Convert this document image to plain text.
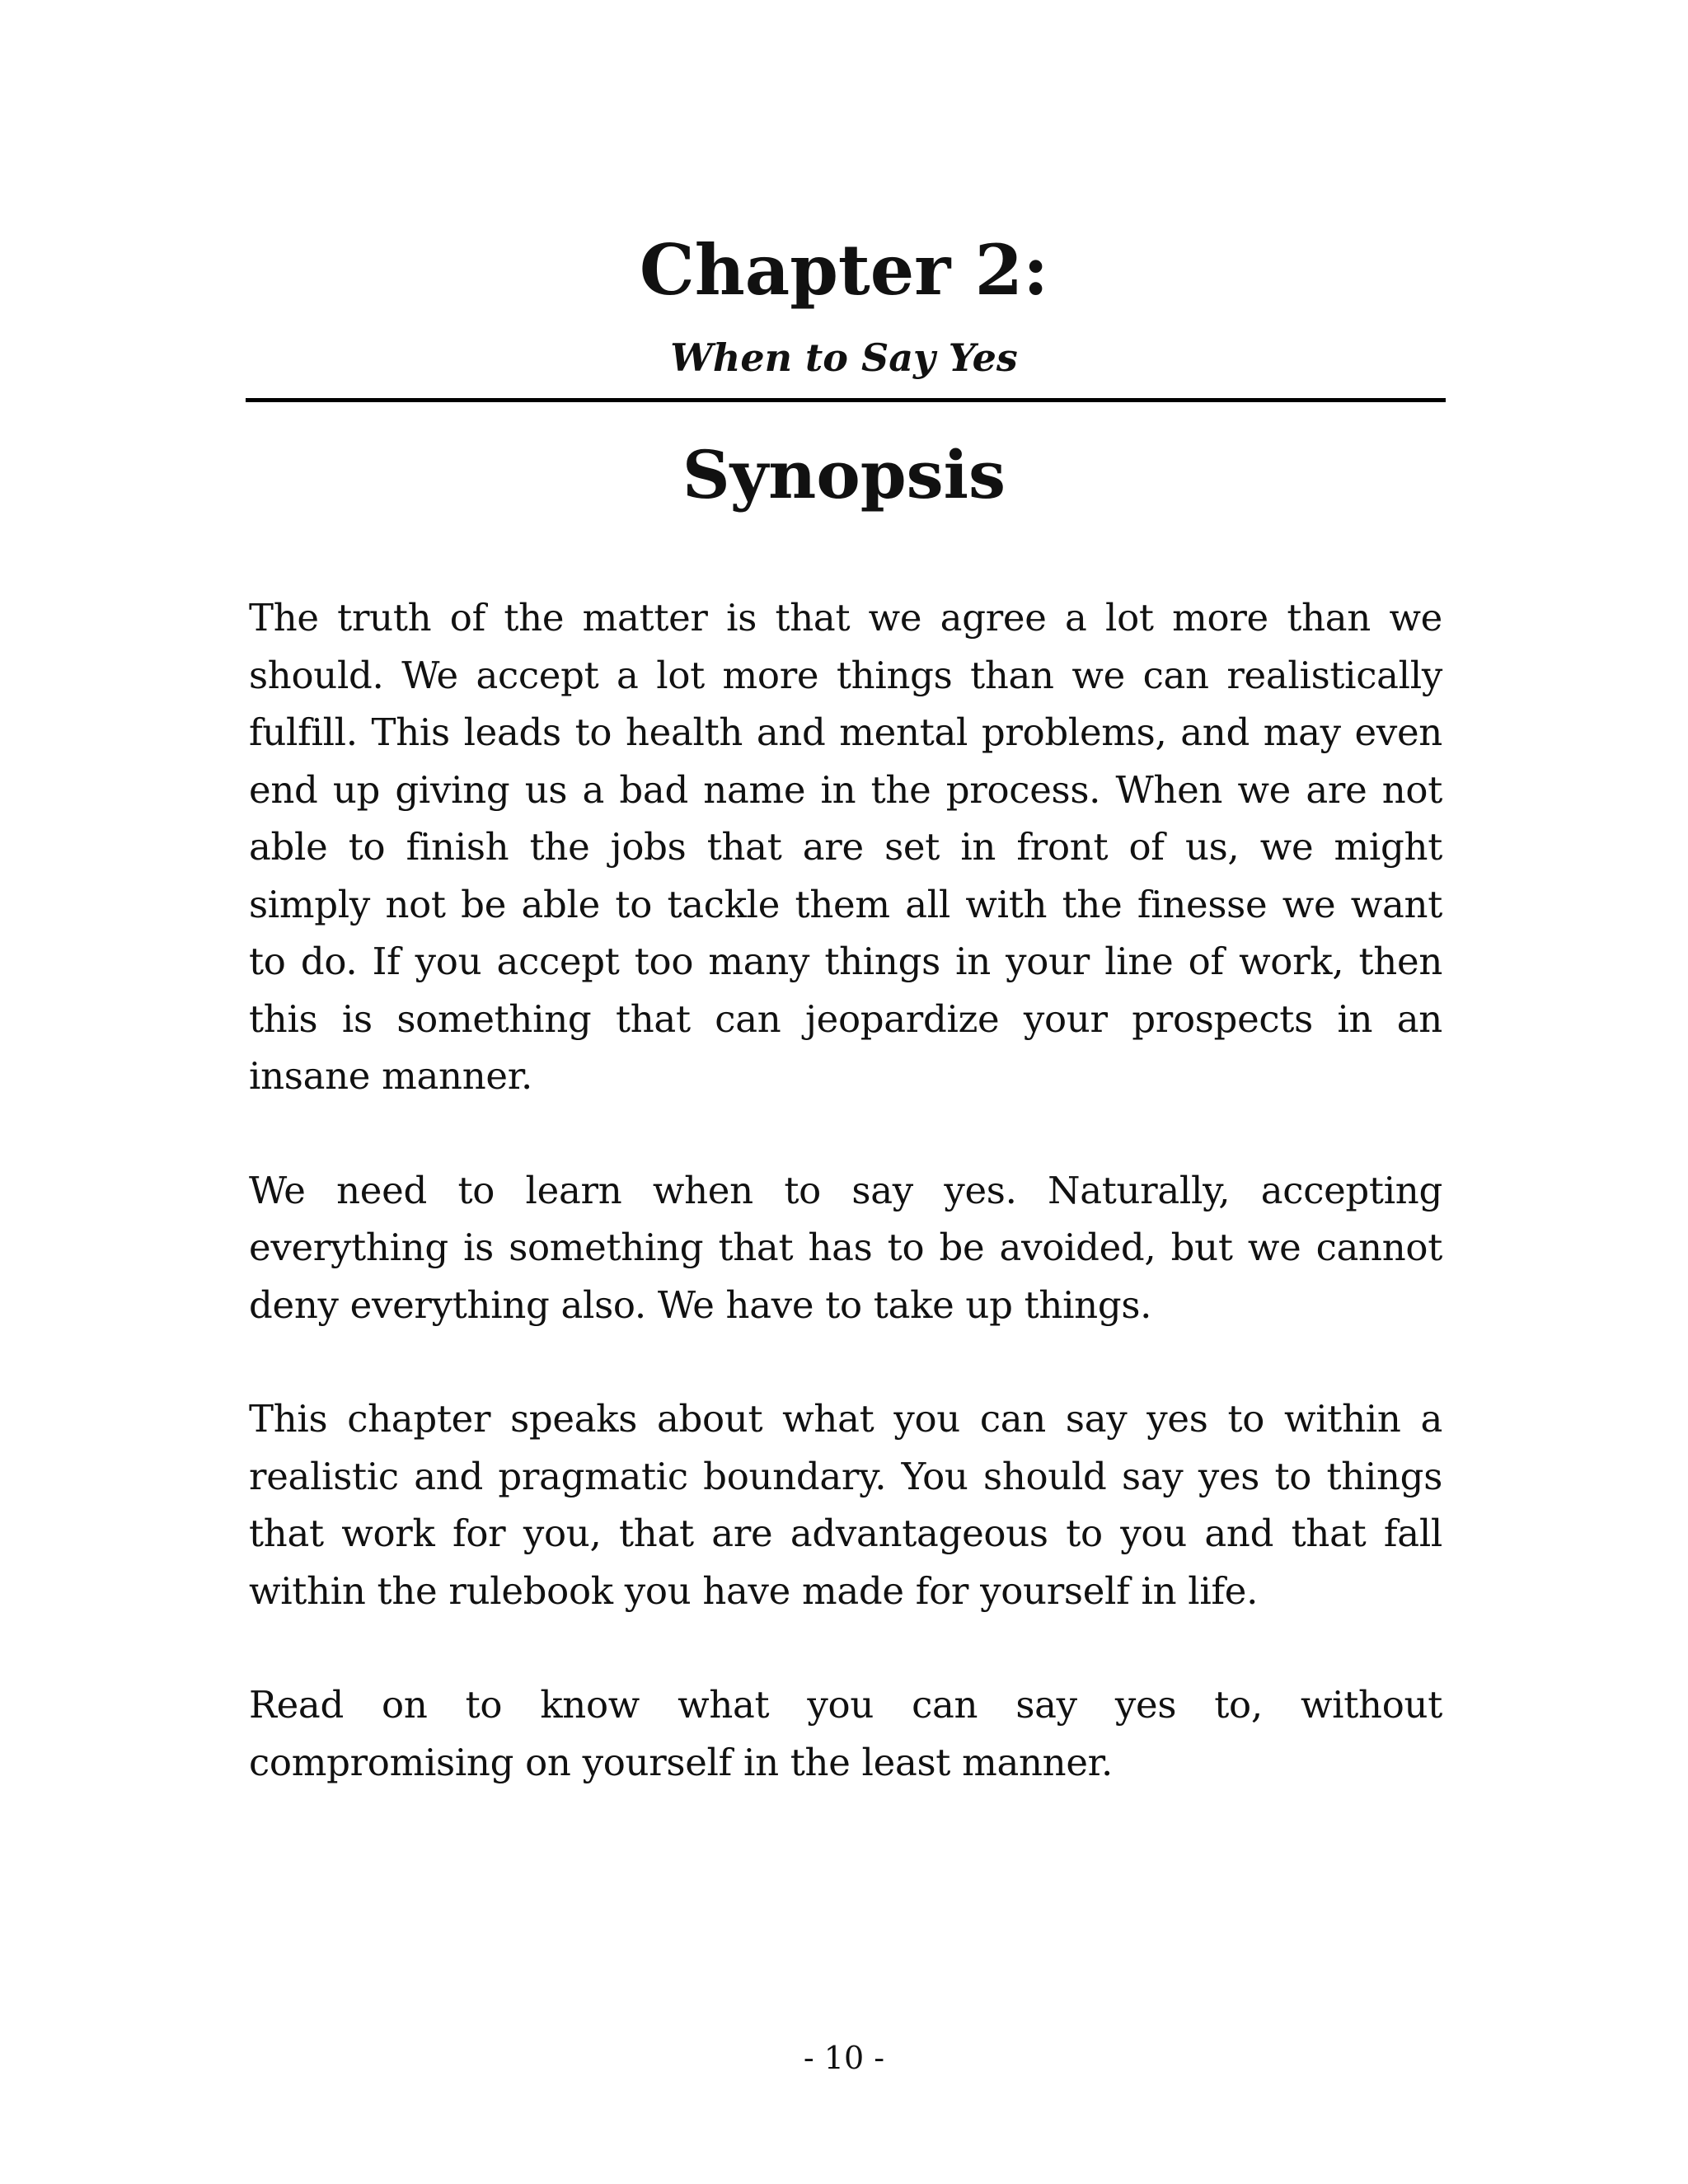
Chapter 2:
When to Say Yes
Synopsis

The truth of the matter is that we agree a lot more than we should. We accept a lot more things than we can realistically fulfill. This leads to health and mental problems, and may even end up giving us a bad name in the process. When we are not able to finish the jobs that are set in front of us, we might simply not be able to tackle them all with the finesse we want to do. If you accept too many things in your line of work, then this is something that can jeopardize your prospects in an insane manner.

We need to learn when to say yes. Naturally, accepting everything is something that has to be avoided, but we cannot deny everything also. We have to take up things.

This chapter speaks about what you can say yes to within a realistic and pragmatic boundary. You should say yes to things that work for you, that are advantageous to you and that fall within the rulebook you have made for yourself in life.

Read on to know what you can say yes to, without compromising on yourself in the least manner.

- 10 -
